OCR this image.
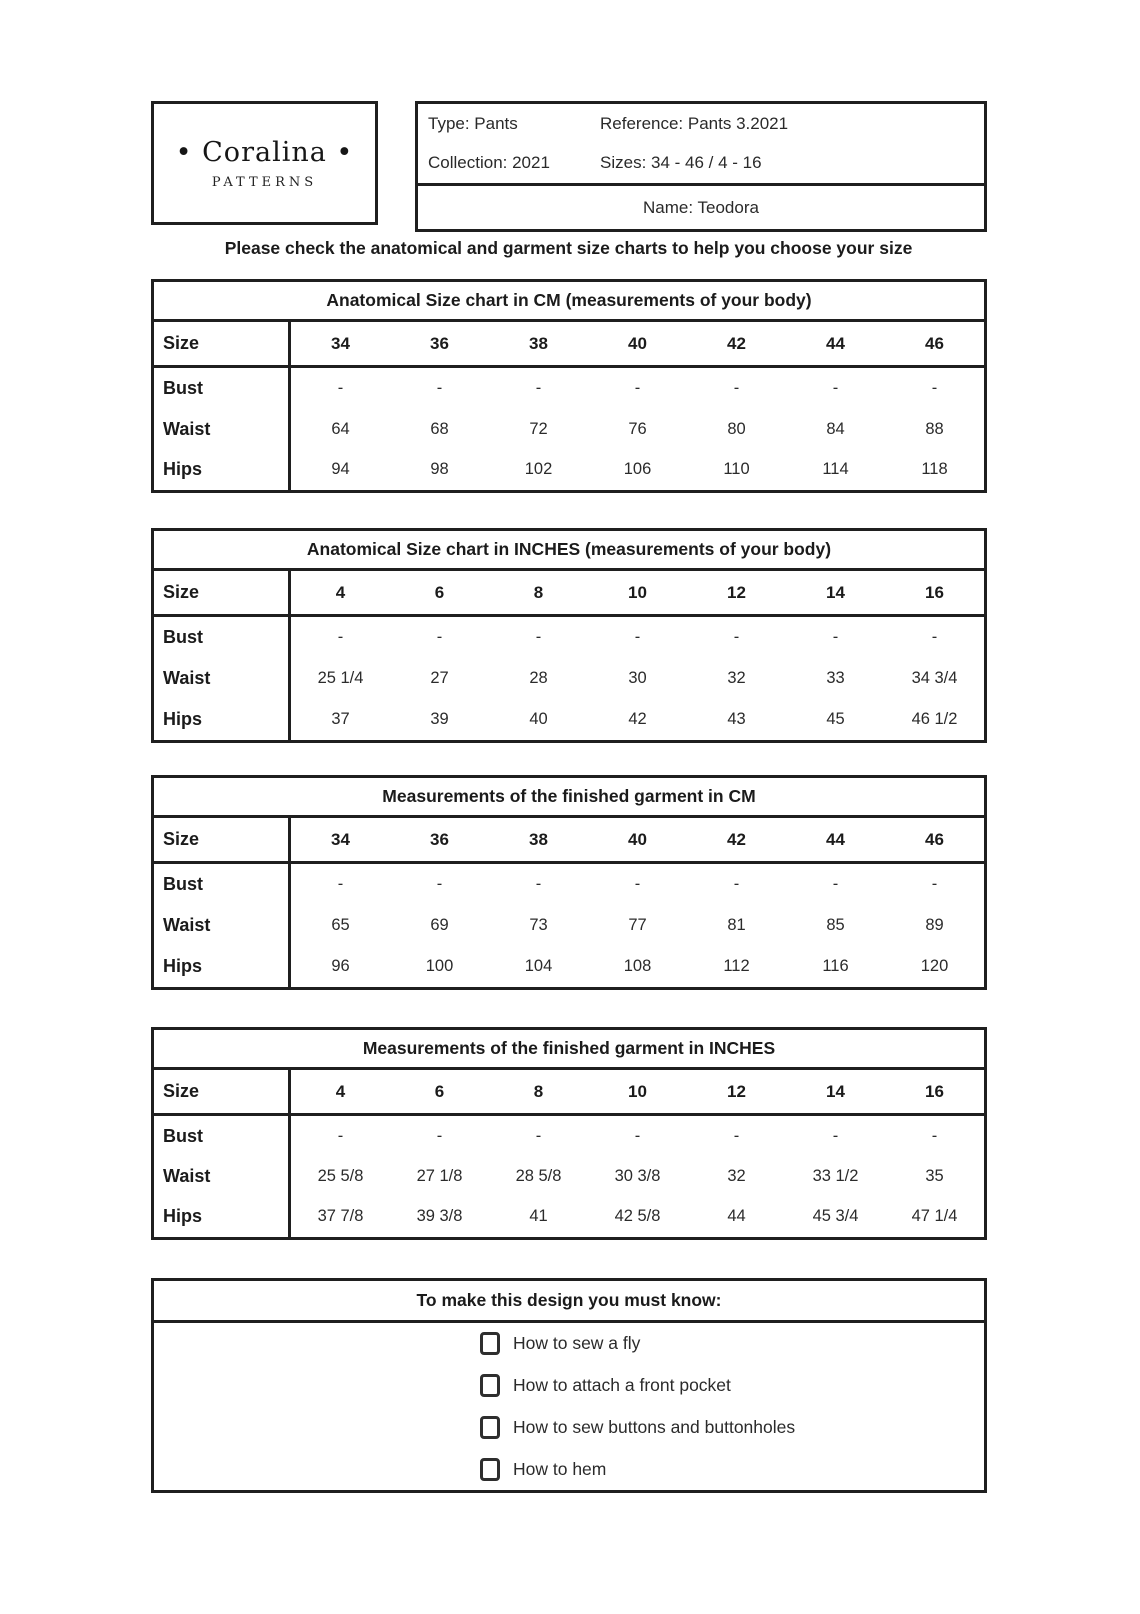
• Coralina •
PATTERNS
Type: Pants	Reference: Pants 3.2021
Collection: 2021	Sizes: 34 - 46 / 4 - 16
Name: Teodora
Please check the anatomical and garment size charts to help you choose your size
Anatomical Size chart in CM (measurements of your body)
Size	34	36	38	40	42	44	46
Bust	-	-	-	-	-	-	-
Waist	64	68	72	76	80	84	88
Hips	94	98	102	106	110	114	118
Anatomical Size chart in INCHES (measurements of your body)
Size	4	6	8	10	12	14	16
Bust	-	-	-	-	-	-	-
Waist	25 1/4	27	28	30	32	33	34 3/4
Hips	37	39	40	42	43	45	46 1/2
Measurements of the finished garment in CM
Size	34	36	38	40	42	44	46
Bust	-	-	-	-	-	-	-
Waist	65	69	73	77	81	85	89
Hips	96	100	104	108	112	116	120
Measurements of the finished garment in INCHES
Size	4	6	8	10	12	14	16
Bust	-	-	-	-	-	-	-
Waist	25 5/8	27 1/8	28 5/8	30 3/8	32	33 1/2	35
Hips	37 7/8	39 3/8	41	42 5/8	44	45 3/4	47 1/4
To make this design you must know:
How to sew a fly
How to attach a front pocket
How to sew buttons and buttonholes
How to hem
